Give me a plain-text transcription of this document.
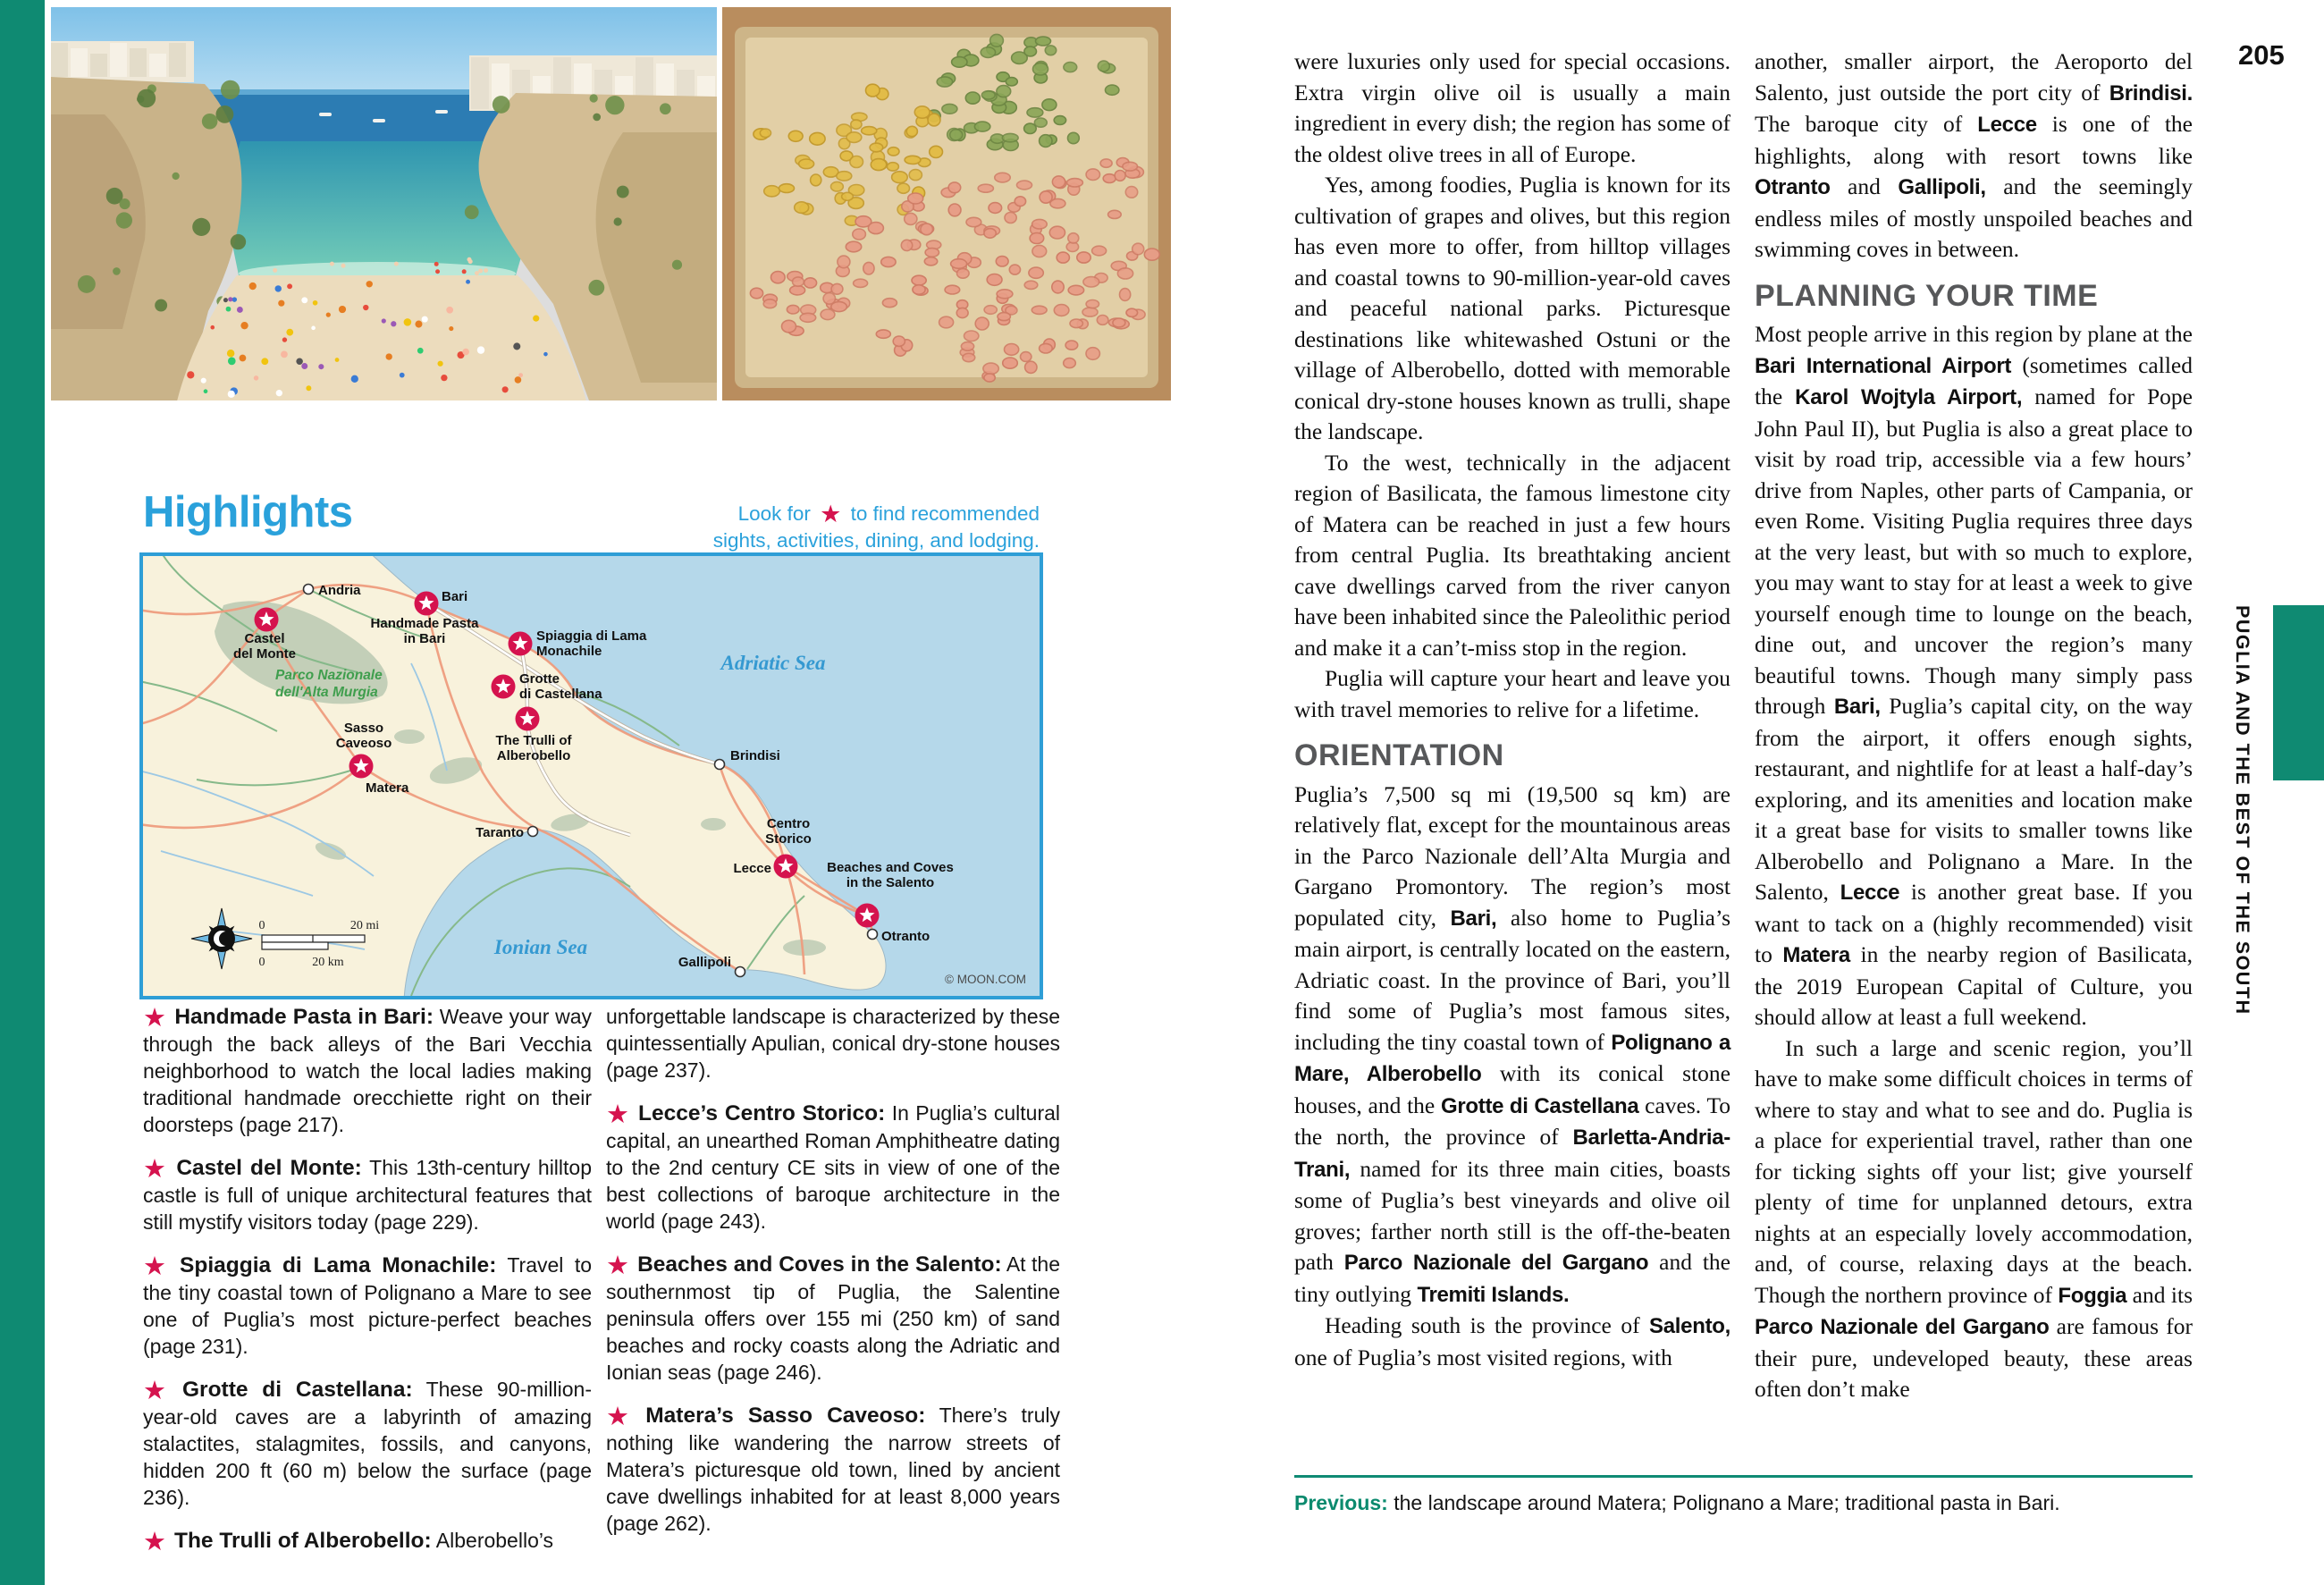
Highlights	Look for ★ to find recommended
sights, activities, dining, and lodging.
0	20 mi
0	20 km
Adriatic Sea
Ionian Sea
Parco Nazionale
dell'Alta Murgia
Andria	Bari
Matera
Taranto
Brindisi
Lecce
Otranto
Gallipoli
Castel
del Monte
Handmade Pasta
in Bari	Spiaggia di Lama
Monachile
Grotte
di Castellana
The Trulli of
Alberobello
Sasso
Caveoso
Centro
Storico
Beaches and Coves
in the Salento
© MOON.COM

★ Handmade Pasta in Bari: Weave your way through the back alleys of the Bari Vecchia neighborhood to watch the local ladies making traditional handmade orecchiette right on their doorsteps (page 217).

★ Castel del Monte: This 13th-century hilltop castle is full of unique architectural features that still mystify visitors today (page 229).

★ Spiaggia di Lama Monachile: Travel to the tiny coastal town of Polignano a Mare to see one of Puglia’s most picture-perfect beaches (page 231).

★ Grotte di Castellana: These 90-million-year-old caves are a labyrinth of amazing stalactites, stalagmites, fossils, and canyons, hidden 200 ft (60 m) below the surface (page 236).

★ The Trulli of Alberobello: Alberobello’s

unforgettable landscape is characterized by these quintessentially Apulian, conical dry-stone houses (page 237).

★ Lecce’s Centro Storico: In Puglia’s cultural capital, an unearthed Roman Amphitheatre dating to the 2nd century CE sits in view of one of the best collections of baroque architecture in the world (page 243).

★ Beaches and Coves in the Salento: At the southernmost tip of Puglia, the Salentine peninsula offers over 155 mi (250 km) of sand beaches and rocky coasts along the Adriatic and Ionian seas (page 246).

★ Matera’s Sasso Caveoso: There’s truly nothing like wandering the narrow streets of Matera’s picturesque old town, lined by ancient cave dwellings inhabited for at least 8,000 years (page 262).

were luxuries only used for special occasions. Extra virgin olive oil is usually a main ingredient in every dish; the region has some of the oldest olive trees in all of Europe.
Yes, among foodies, Puglia is known for its cultivation of grapes and olives, but this region has even more to offer, from hilltop villages and coastal towns to 90-million-year-old caves and peaceful national parks. Picturesque destinations like whitewashed Ostuni or the village of Alberobello, dotted with memorable conical dry-stone houses known as trulli, shape the landscape.
To the west, technically in the adjacent region of Basilicata, the famous limestone city of Matera can be reached in just a few hours from central Puglia. Its breathtaking ancient cave dwellings carved from the river canyon have been inhabited since the Paleolithic period and make it a can’t-miss stop in the region.
Puglia will capture your heart and leave you with travel memories to relive for a lifetime.
ORIENTATION
Puglia’s 7,500 sq mi (19,500 sq km) are relatively flat, except for the mountainous areas in the Parco Nazionale dell’Alta Murgia and Gargano Promontory. The region’s most populated city, Bari, also home to Puglia’s main airport, is centrally located on the eastern, Adriatic coast. In the province of Bari, you’ll find some of Puglia’s most famous sites, including the tiny coastal town of Polignano a Mare, Alberobello with its conical stone houses, and the Grotte di Castellana caves. To the north, the province of Barletta-Andria-Trani, named for its three main cities, boasts some of Puglia’s best vineyards and olive oil groves; farther north still is the off-the-beaten path Parco Nazionale del Gargano and the tiny outlying Tremiti Islands.
Heading south is the province of Salento, one of Puglia’s most visited regions, with
another, smaller airport, the Aeroporto del Salento, just outside the port city of Brindisi. The baroque city of Lecce is one of the highlights, along with resort towns like Otranto and Gallipoli, and the seemingly endless miles of mostly unspoiled beaches and swimming coves in between.
PLANNING YOUR TIME
Most people arrive in this region by plane at the Bari International Airport (sometimes called the Karol Wojtyla Airport, named for Pope John Paul II), but Puglia is also a great place to visit by road trip, accessible via a few hours’ drive from Naples, other parts of Campania, or even Rome. Visiting Puglia requires three days at the very least, but with so much to explore, you may want to stay for at least a week to give yourself enough time to lounge on the beach, dine out, and uncover the region’s many beautiful towns. Though many simply pass through Bari, Puglia’s capital city, on the way from the airport, it offers enough sights, restaurant, and nightlife for at least a half-day’s exploring, and its amenities and location make it a great base for visits to smaller towns like Alberobello and Polignano a Mare. In the Salento, Lecce is another great base. If you want to tack on a (highly recommended) visit to Matera in the nearby region of Basilicata, the 2019 European Capital of Culture, you should allow at least a full weekend.
In such a large and scenic region, you’ll have to make some difficult choices in terms of where to stay and what to see and do. Puglia is a place for experiential travel, rather than one for ticking sights off your list; give yourself plenty of time for unplanned detours, extra nights at an especially lovely accommodation, and, of course, relaxing days at the beach. Though the northern province of Foggia and its Parco Nazionale del Gargano are famous for their pure, undeveloped beauty, these areas often don’t make
Previous: the landscape around Matera; Polignano a Mare; traditional pasta in Bari.
205
PUGLIA AND THE BEST OF THE SOUTH
